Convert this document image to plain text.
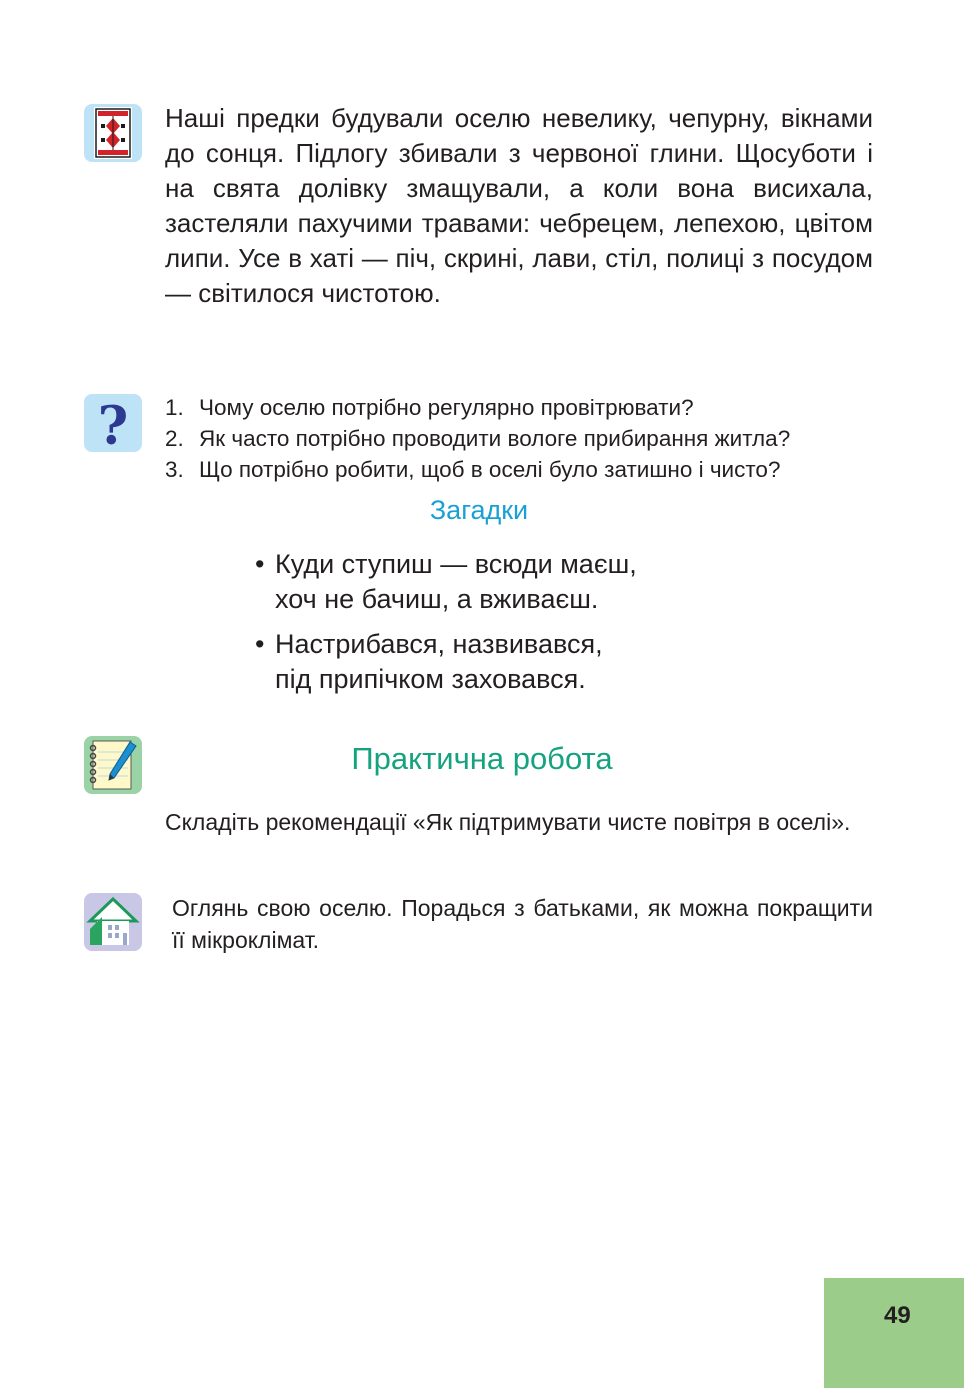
Наші предки будували оселю невелику, чепурну, вікнами до сонця. Підлогу збивали з червоної глини. Щосуботи і на свята долівку змащували, а коли вона висихала, застеляли пахучими травами: чебрецем, лепехою, цвітом липи. Усе в хаті — піч, скрині, лави, стіл, полиці з посудом — світилося чистотою.
? 1. Чому оселю потрібно регулярно провітрювати?
2. Як часто потрібно проводити вологе прибирання житла?
3. Що потрібно робити, щоб в оселі було затишно і чисто?
Загадки
• Куди ступиш — всюди маєш,
хоч не бачиш, а вживаєш.
• Настрибався, назвивався,
під припічком заховався.
Практична робота
Складіть рекомендації «Як підтримувати чисте повітря в оселі».
Оглянь свою оселю. Порадься з батьками, як можна покращити її мікроклімат.
49
